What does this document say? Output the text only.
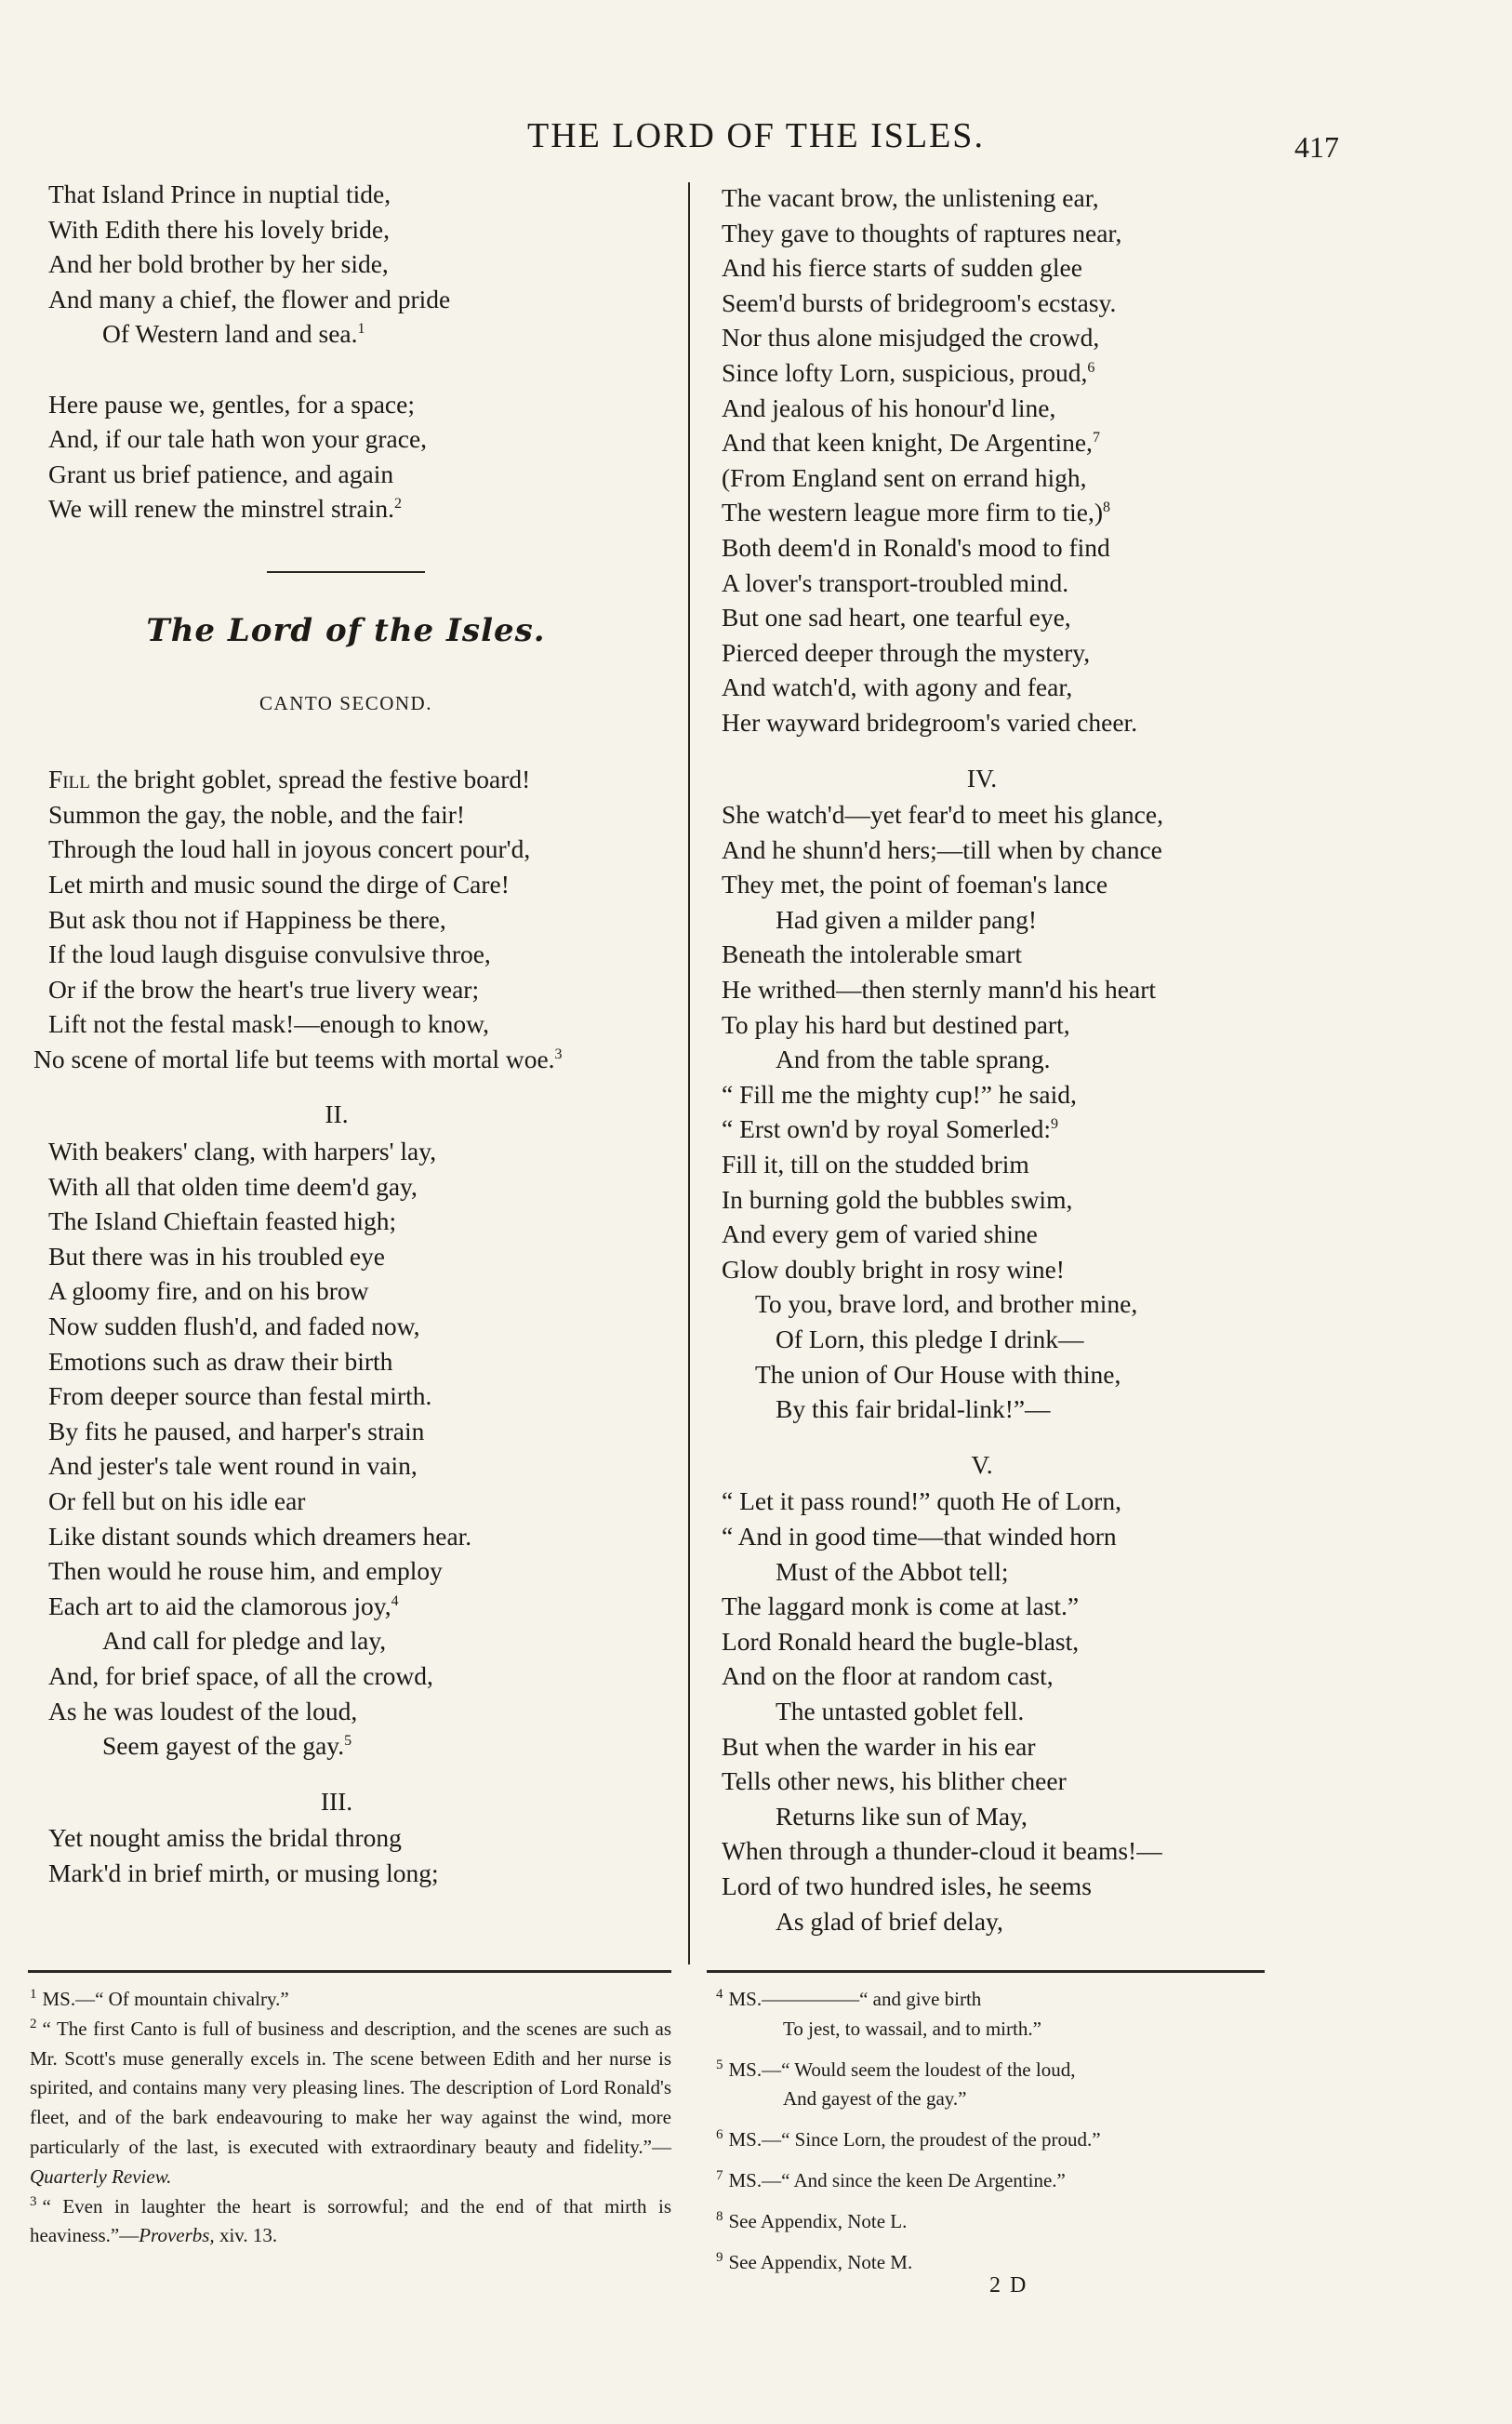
THE LORD OF THE ISLES.	417
That Island Prince in nuptial tide,
With Edith there his lovely bride,
And her bold brother by her side,
And many a chief, the flower and pride
Of Western land and sea.$^1$
Here pause we, gentles, for a space;
And, if our tale hath won your grace,
Grant us brief patience, and again
We will renew the minstrel strain.$^2$
The Lord of the Isles.
CANTO SECOND.
Fill the bright goblet, spread the festive board!
Summon the gay, the noble, and the fair!
Through the loud hall in joyous concert pour'd,
Let mirth and music sound the dirge of Care!
But ask thou not if Happiness be there,
If the loud laugh disguise convulsive throe,
Or if the brow the heart's true livery wear;
Lift not the festal mask!—enough to know,
No scene of mortal life but teems with mortal woe.$^3$
II.
With beakers' clang, with harpers' lay,
With all that olden time deem'd gay,
The Island Chieftain feasted high;
But there was in his troubled eye
A gloomy fire, and on his brow
Now sudden flush'd, and faded now,
Emotions such as draw their birth
From deeper source than festal mirth.
By fits he paused, and harper's strain
And jester's tale went round in vain,
Or fell but on his idle ear
Like distant sounds which dreamers hear.
Then would he rouse him, and employ
Each art to aid the clamorous joy,$^4$
And call for pledge and lay,
And, for brief space, of all the crowd,
As he was loudest of the loud,
Seem gayest of the gay.$^5$
III.
Yet nought amiss the bridal throng
Mark'd in brief mirth, or musing long;
The vacant brow, the unlistening ear,
They gave to thoughts of raptures near,
And his fierce starts of sudden glee
Seem'd bursts of bridegroom's ecstasy.
Nor thus alone misjudged the crowd,
Since lofty Lorn, suspicious, proud,$^6$
And jealous of his honour'd line,
And that keen knight, De Argentine,$^7$
(From England sent on errand high,
The western league more firm to tie,)$^8$
Both deem'd in Ronald's mood to find
A lover's transport-troubled mind.
But one sad heart, one tearful eye,
Pierced deeper through the mystery,
And watch'd, with agony and fear,
Her wayward bridegroom's varied cheer.
IV.
She watch'd—yet fear'd to meet his glance,
And he shunn'd hers;—till when by chance
They met, the point of foeman's lance
Had given a milder pang!
Beneath the intolerable smart
He writhed—then sternly mann'd his heart
To play his hard but destined part,
And from the table sprang.
“ Fill me the mighty cup!” he said,
“ Erst own'd by royal Somerled:$^9$
Fill it, till on the studded brim
In burning gold the bubbles swim,
And every gem of varied shine
Glow doubly bright in rosy wine!
To you, brave lord, and brother mine,
Of Lorn, this pledge I drink—
The union of Our House with thine,
By this fair bridal-link!”—
V.
“ Let it pass round!” quoth He of Lorn,
“ And in good time—that winded horn
Must of the Abbot tell;
The laggard monk is come at last.”
Lord Ronald heard the bugle-blast,
And on the floor at random cast,
The untasted goblet fell.
But when the warder in his ear
Tells other news, his blither cheer
Returns like sun of May,
When through a thunder-cloud it beams!—
Lord of two hundred isles, he seems
As glad of brief delay,
$^1$ MS.—“ Of mountain chivalry.”
$^2$ “ The first Canto is full of business and description, and the scenes are such as Mr. Scott's muse generally excels in. The scene between Edith and her nurse is spirited, and contains many very pleasing lines. The description of Lord Ronald's fleet, and of the bark endeavouring to make her way against the wind, more particularly of the last, is executed with extraordinary beauty and fidelity.”—Quarterly Review.
$^3$ “ Even in laughter the heart is sorrowful; and the end of that mirth is heaviness.”—Proverbs, xiv. 13.
$^4$ MS.—————“ and give birth
To jest, to wassail, and to mirth.”
$^5$ MS.—“ Would seem the loudest of the loud,
And gayest of the gay.”
$^6$ MS.—“ Since Lorn, the proudest of the proud.”
$^7$ MS.—“ And since the keen De Argentine.”
$^8$ See Appendix, Note L.
$^9$ See Appendix, Note M.
2 D
